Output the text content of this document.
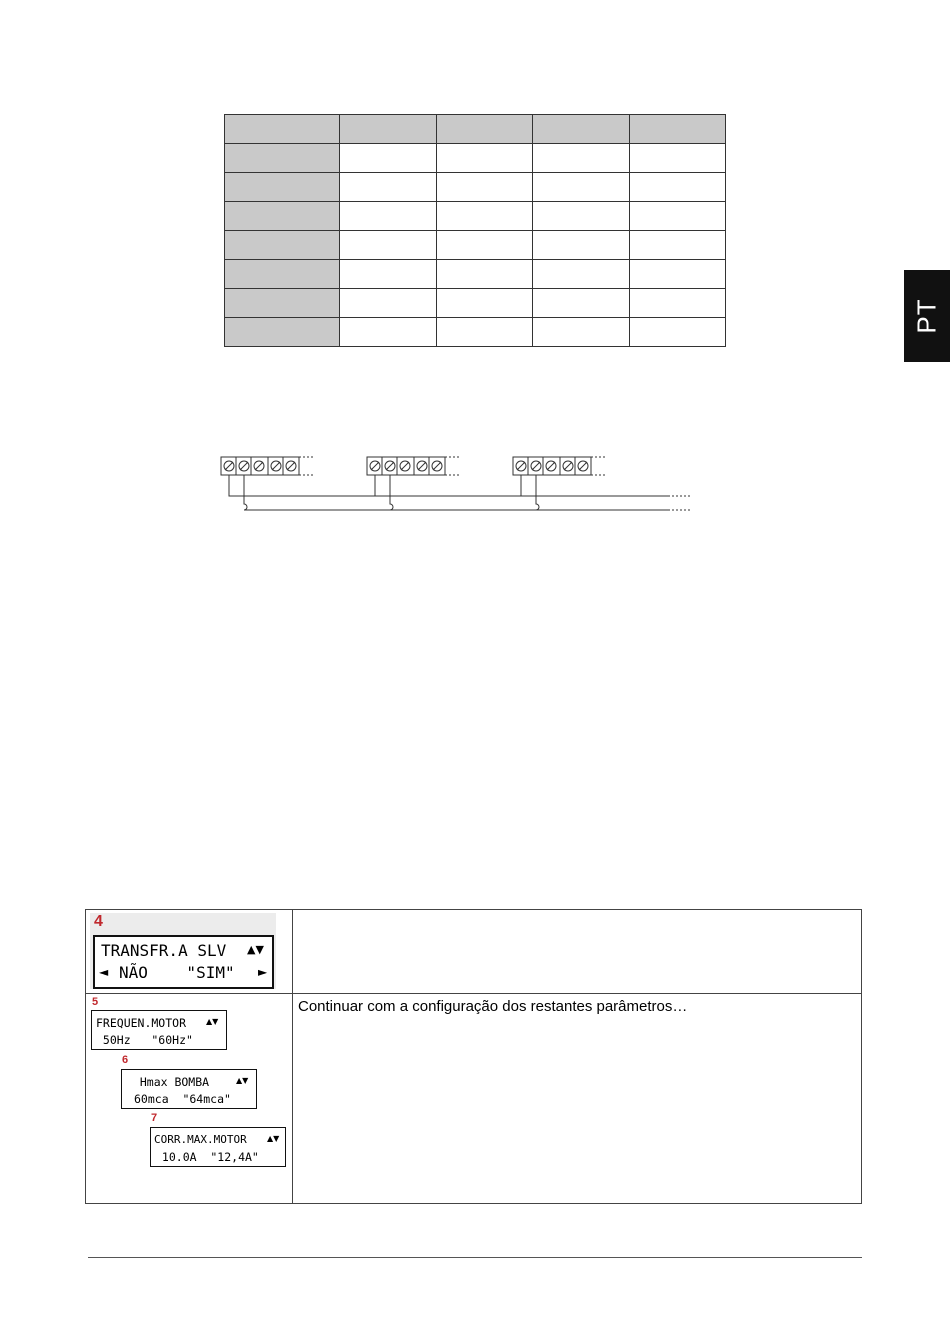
PT
4

TRANSFR.A SLV

▲▼

◄

NÃO    "SIM"

►

5

FREQUEN.MOTOR

▲▼

50Hz   "60Hz"

6

Hmax BOMBA

	▲▼

60mca  "64mca"

7

CORR.MAX.MOTOR

	▲▼

10.0A  "12,4A"

Continuar com a configuração dos restantes parâmetros…
